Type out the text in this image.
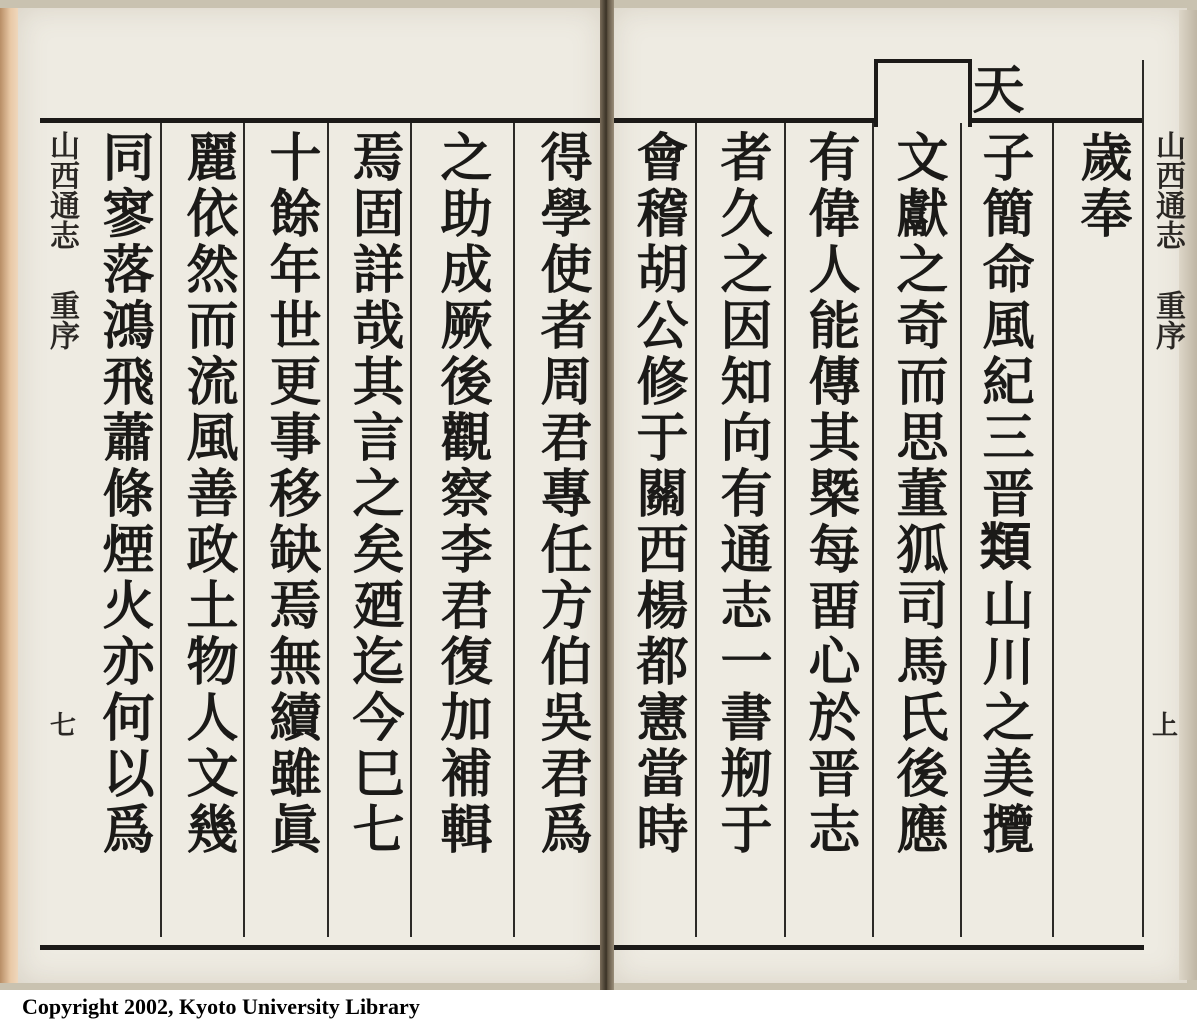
山西通志	山西通志
重序	重序
七	上
歲奉
天
子簡命風紀三晋𩔖山川之美攬
文獻之奇而思董狐司馬氏後應
有偉人能傳其槩每畱心於晋志
者久之因知向有通志一書剏于
會稽胡公修于關西楊都憲當時
得學使者周君專任方伯吳君爲
之助成厥後觀察李君復加補輯
焉固詳哉其言之矣廼迄今巳七
十餘年世更事移缺焉無續雖眞
麗依然而流風善政土物人文幾
同寥落鴻飛蕭條煙火亦何以爲
Copyright 2002, Kyoto University Library
